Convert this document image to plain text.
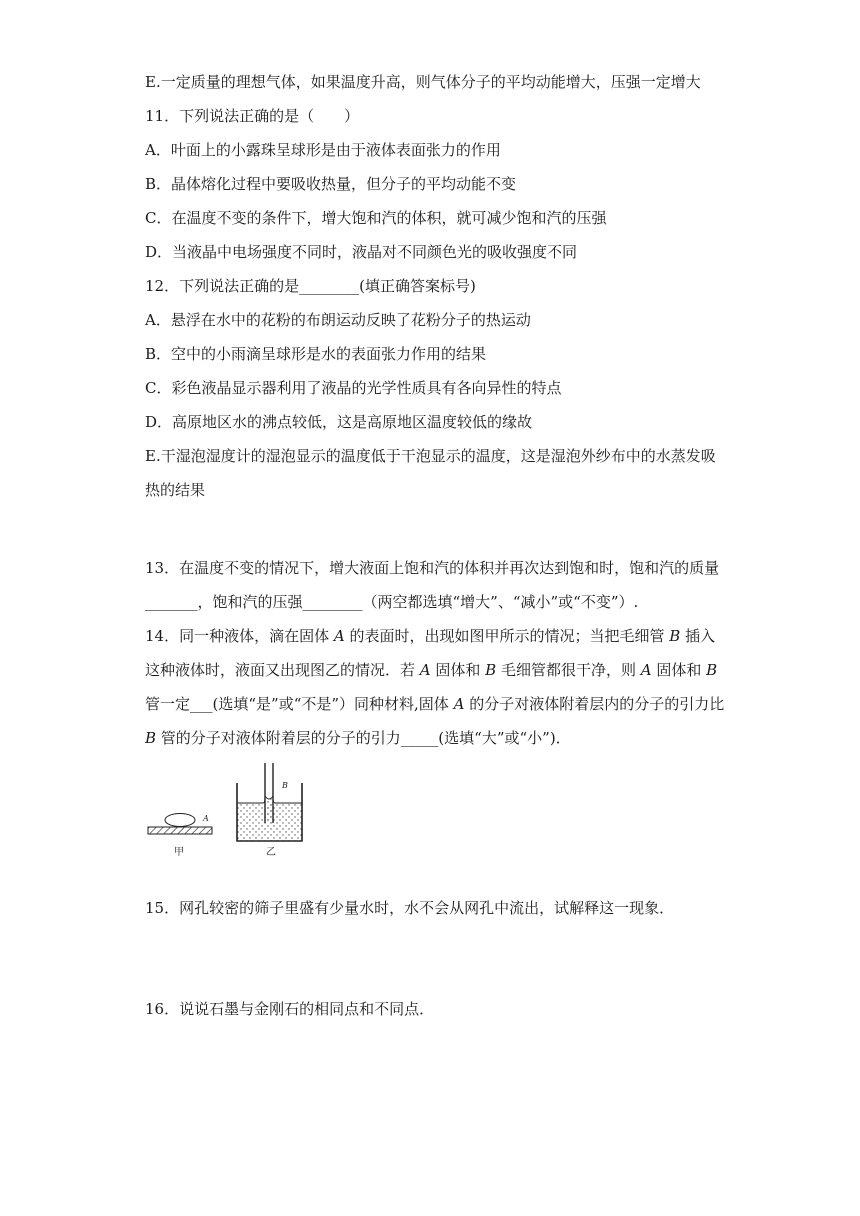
E.一定质量的理想气体，如果温度升高，则气体分子的平均动能增大，压强一定增大
11．下列说法正确的是（　　）
A．叶面上的小露珠呈球形是由于液体表面张力的作用
B．晶体熔化过程中要吸收热量，但分子的平均动能不变
C．在温度不变的条件下，增大饱和汽的体积，就可减少饱和汽的压强
D．当液晶中电场强度不同时，液晶对不同颜色光的吸收强度不同
12．下列说法正确的是________(填正确答案标号)
A．悬浮在水中的花粉的布朗运动反映了花粉分子的热运动
B．空中的小雨滴呈球形是水的表面张力作用的结果
C．彩色液晶显示器利用了液晶的光学性质具有各向异性的特点
D．高原地区水的沸点较低，这是高原地区温度较低的缘故
E.干湿泡湿度计的湿泡显示的温度低于干泡显示的温度，这是湿泡外纱布中的水蒸发吸
热的结果
13．在温度不变的情况下，增大液面上饱和汽的体积并再次达到饱和时，饱和汽的质量
_______，饱和汽的压强________（两空都选填“增大”、“减小”或“不变”）.
14．同一种液体，滴在固体 A 的表面时，出现如图甲所示的情况；当把毛细管 B 插入
这种液体时，液面又出现图乙的情况．若 A 固体和 B 毛细管都很干净，则 A 固体和 B
管一定___(选填“是”或“不是”）同种材料,固体 A 的分子对液体附着层内的分子的引力比
B 管的分子对液体附着层的分子的引力_____(选填“大”或“小”)．
A
甲
B
乙
15．网孔较密的筛子里盛有少量水时，水不会从网孔中流出，试解释这一现象．
16．说说石墨与金刚石的相同点和不同点．
